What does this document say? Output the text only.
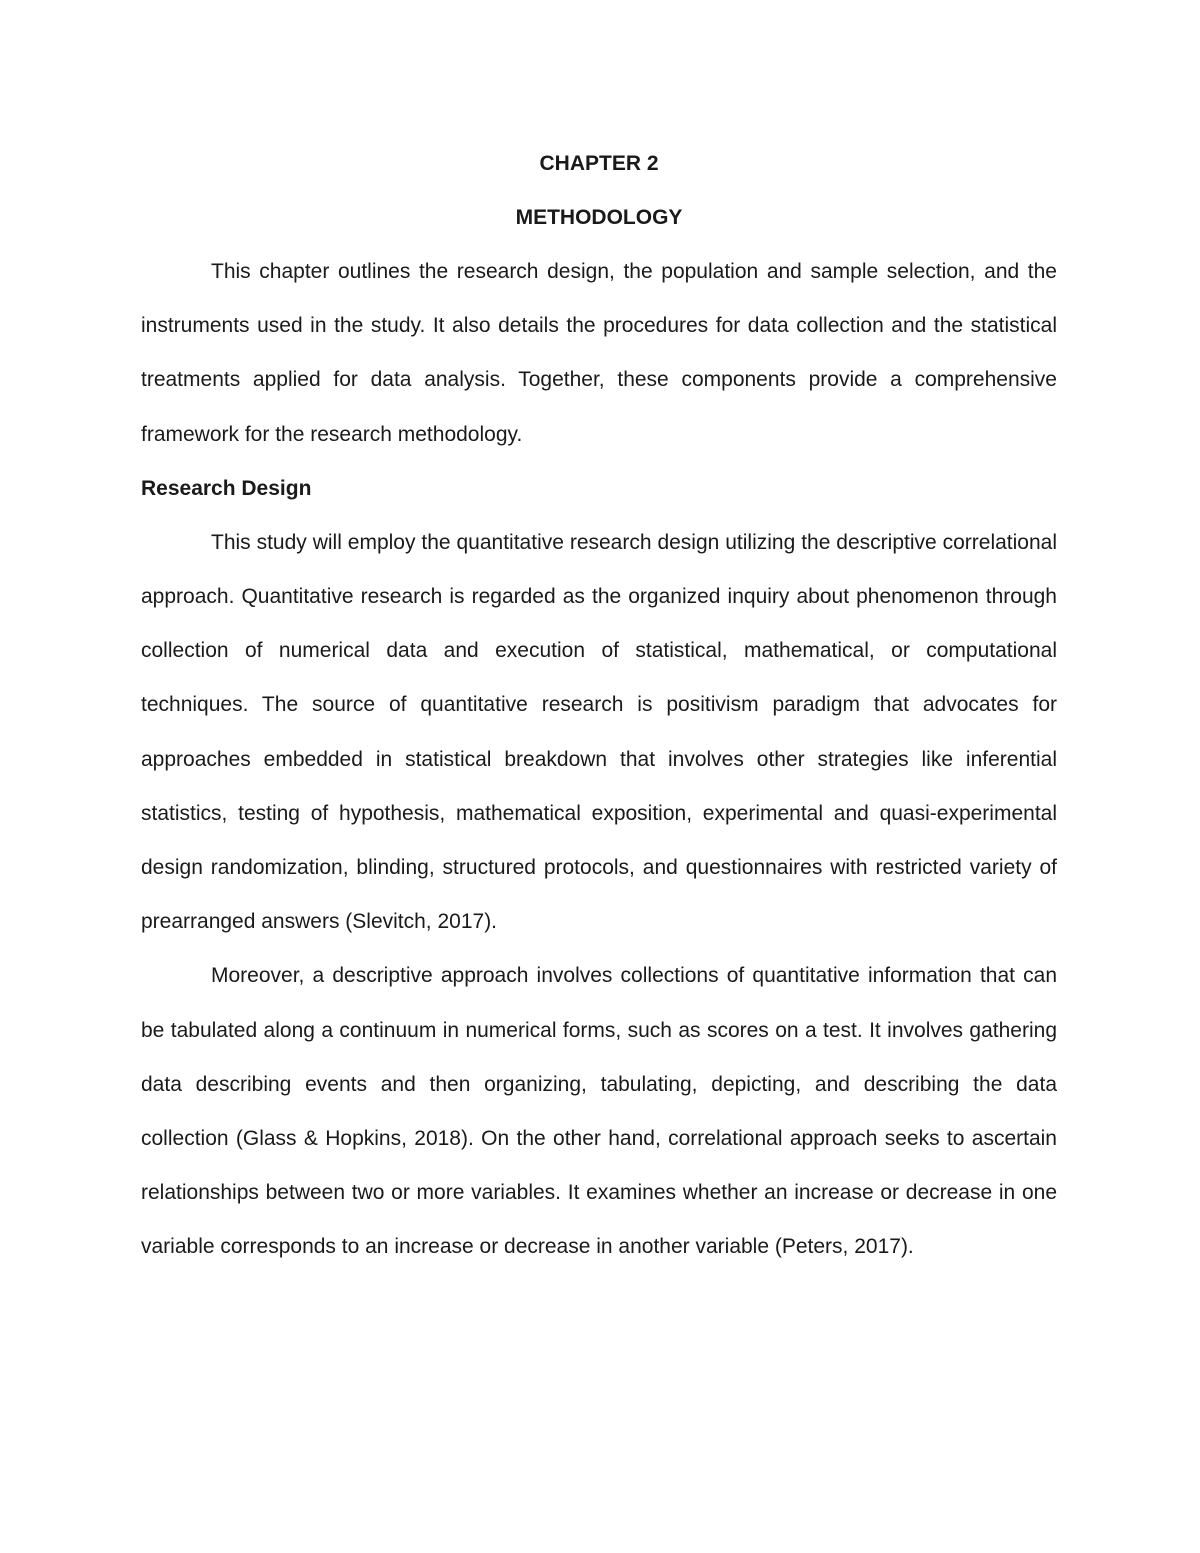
CHAPTER 2
METHODOLOGY

This chapter outlines the research design, the population and sample selection, and the instruments used in the study. It also details the procedures for data collection and the statistical treatments applied for data analysis. Together, these components provide a comprehensive framework for the research methodology.

Research Design

This study will employ the quantitative research design utilizing the descriptive correlational approach. Quantitative research is regarded as the organized inquiry about phenomenon through collection of numerical data and execution of statistical, mathematical, or computational techniques. The source of quantitative research is positivism paradigm that advocates for approaches embedded in statistical breakdown that involves other strategies like inferential statistics, testing of hypothesis, mathematical exposition, experimental and quasi-experimental design randomization, blinding, structured protocols, and questionnaires with restricted variety of prearranged answers (Slevitch, 2017).

Moreover, a descriptive approach involves collections of quantitative information that can be tabulated along a continuum in numerical forms, such as scores on a test. It involves gathering data describing events and then organizing, tabulating, depicting, and describing the data collection (Glass & Hopkins, 2018). On the other hand, correlational approach seeks to ascertain relationships between two or more variables. It examines whether an increase or decrease in one variable corresponds to an increase or decrease in another variable (Peters, 2017).
